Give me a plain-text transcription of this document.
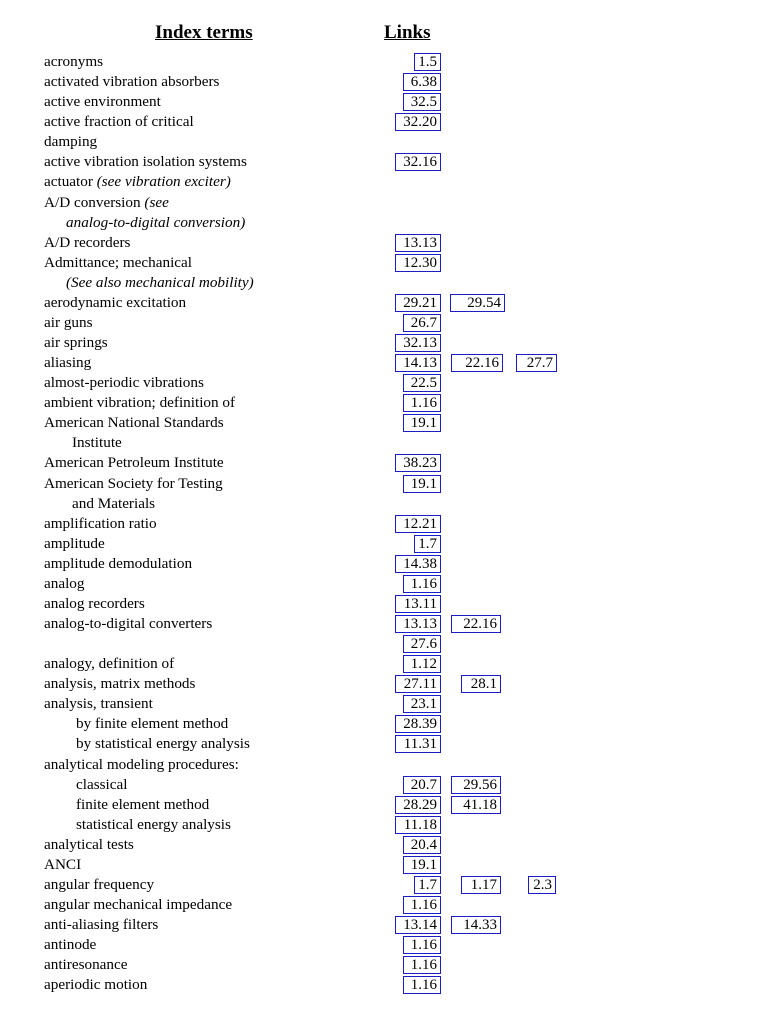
Index terms	Links
acronyms	1.5
activated vibration absorbers	6.38
active environment	32.5
active fraction of critical	32.20
damping
active vibration isolation systems	32.16
actuator (see vibration exciter)
A/D conversion (see
analog-to-digital conversion)
A/D recorders	13.13
Admittance; mechanical	12.30
(See also mechanical mobility)
aerodynamic excitation	29.21	29.54
air guns	26.7
air springs	32.13
aliasing	14.13	22.16	27.7
almost-periodic vibrations	22.5
ambient vibration; definition of	1.16
American National Standards	19.1
Institute
American Petroleum Institute	38.23
American Society for Testing	19.1
and Materials
amplification ratio	12.21
amplitude	1.7
amplitude demodulation	14.38
analog	1.16
analog recorders	13.11
analog-to-digital converters	13.13	22.16
27.6
analogy, definition of	1.12
analysis, matrix methods	27.11	28.1
analysis, transient	23.1
by finite element method	28.39
by statistical energy analysis	11.31
analytical modeling procedures:
classical	20.7	29.56
finite element method	28.29	41.18
statistical energy analysis	11.18
analytical tests	20.4
ANCI	19.1
angular frequency	1.7	1.17	2.3
angular mechanical impedance	1.16
anti-aliasing filters	13.14	14.33
antinode	1.16
antiresonance	1.16
aperiodic motion	1.16
